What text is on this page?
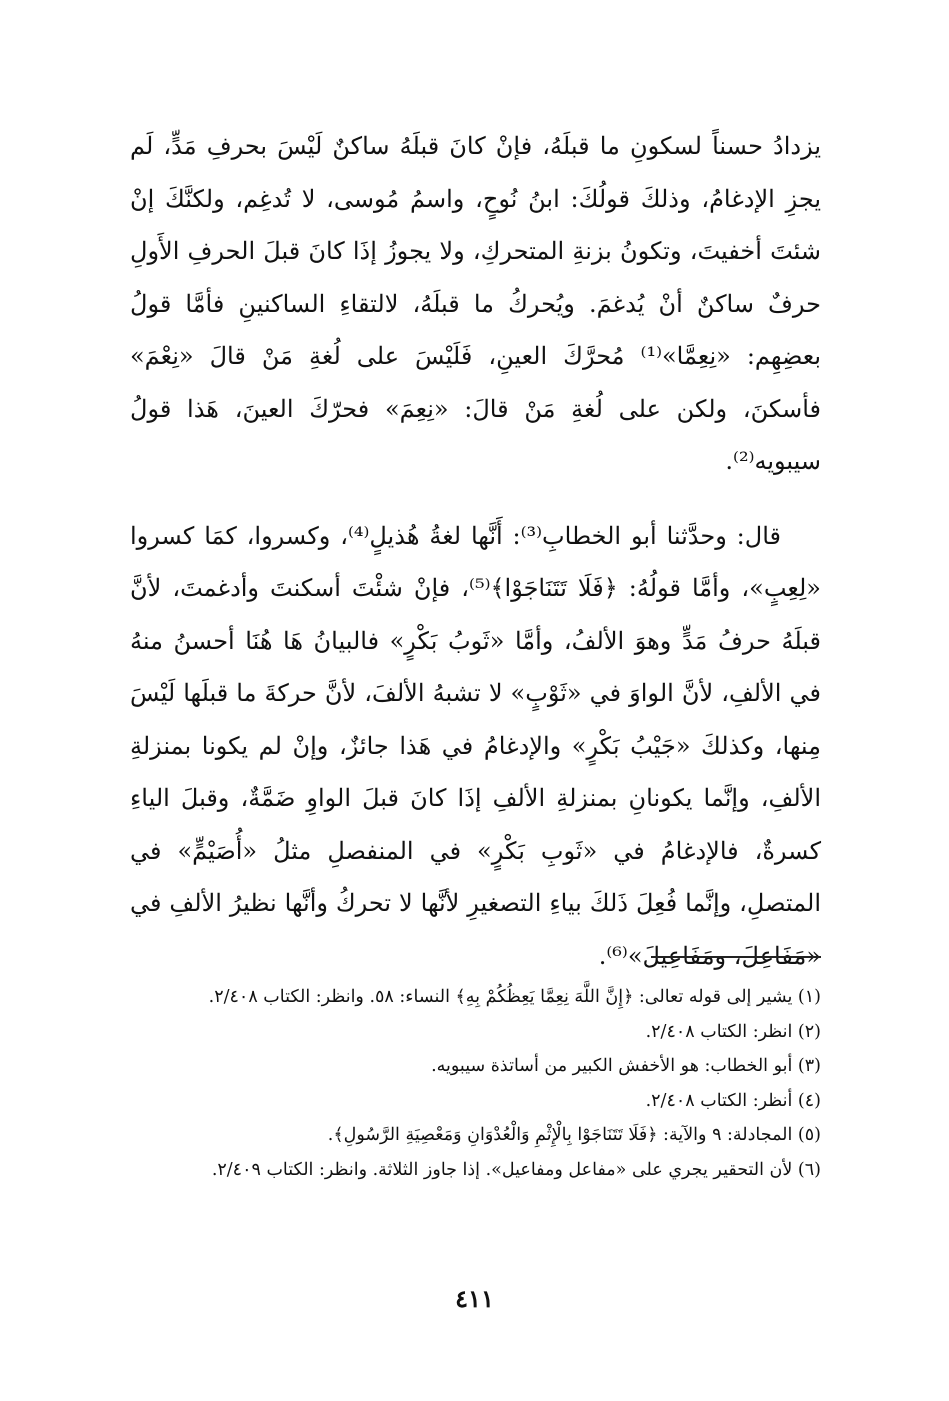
يزدادُ حسناً لسكونِ ما قبلَهُ، فإنْ كانَ قبلَهُ ساكنٌ لَيْسَ بحرفِ مَدٍّ، لَم يجزِ الإدغامُ، وذلكَ قولُكَ: ابنُ نُوحٍ، واسمُ مُوسى، لا تُدغِم، ولكنَّكَ إنْ شئتَ أخفيتَ، وتكونُ بزنةِ المتحركِ، ولا يجوزُ إذَا كانَ قبلَ الحرفِ الأَولِ حرفٌ ساكنٌ أنْ يُدغمَ. ويُحركُ ما قبلَهُ، لالتقاءِ الساكنينِ فأمَّا قولُ بعضِهِم: «نِعِمَّا»⁽¹⁾ مُحرَّكَ العينِ، فَلَيْسَ على لُغةِ مَنْ قالَ «نِعْمَ» فأسكنَ، ولكن على لُغةِ مَنْ قالَ: «نِعِمَ» فحرّكَ العينَ، هَذا قولُ سيبويه⁽²⁾.

قال: وحدَّثنا أبو الخطابِ⁽³⁾: أَنَّها لغةُ هُذيلٍ⁽⁴⁾، وكسروا، كمَا كسروا «لِعِبٍ»، وأمَّا قولُهُ: ﴿فَلَا تَتَنَاجَوْا﴾⁽⁵⁾، فإنْ شئْتَ أسكنتَ وأدغمتَ، لأنَّ قبلَهُ حرفُ مَدٍّ وهوَ الألفُ، وأمَّا «ثَوبُ بَكْرٍ» فالبيانُ هَا هُنَا أحسنُ منهُ في الألفِ، لأنَّ الواوَ في «ثَوْبٍ» لا تشبهُ الألفَ، لأنَّ حركةَ ما قبلَها لَيْسَ مِنها، وكذلكَ «جَيْبُ بَكْرٍ» والإدغامُ في هَذا جائزٌ، وإنْ لم يكونا بمنزلةِ الألفِ، وإنَّما يكونانِ بمنزلةِ الألفِ إذَا كانَ قبلَ الواوِ ضَمَّةٌ، وقبلَ الياءِ كسرةٌ، فالإدغامُ في «ثَوبِ بَكْرٍ» في المنفصلِ مثلُ «أُصَيْمٍّ» في المتصلِ، وإنَّما فُعِلَ ذَلكَ بياءِ التصغيرِ لأنَّها لا تحركُ وأنَّها نظيرُ الألفِ في «مَفَاعِلَ، ومَفَاعِيلَ»⁽⁶⁾.

(١) يشير إلى قوله تعالى: ﴿إِنَّ اللَّهَ نِعِمَّا يَعِظُكُمْ بِهِ﴾ النساء: ٥٨. وانظر: الكتاب ٢/٤٠٨.
(٢) انظر: الكتاب ٢/٤٠٨.
(٣) أبو الخطاب: هو الأخفش الكبير من أساتذة سيبويه.
(٤) أنظر: الكتاب ٢/٤٠٨.
(٥) المجادلة: ٩ والآية: ﴿فَلَا تَتَنَاجَوْا بِالْإِثْمِ وَالْعُدْوَانِ وَمَعْصِيَةِ الرَّسُولِ﴾.
(٦) لأن التحقير يجري على «مفاعل ومفاعيل». إذا جاوز الثلاثة. وانظر: الكتاب ٢/٤٠٩.
٤١١
